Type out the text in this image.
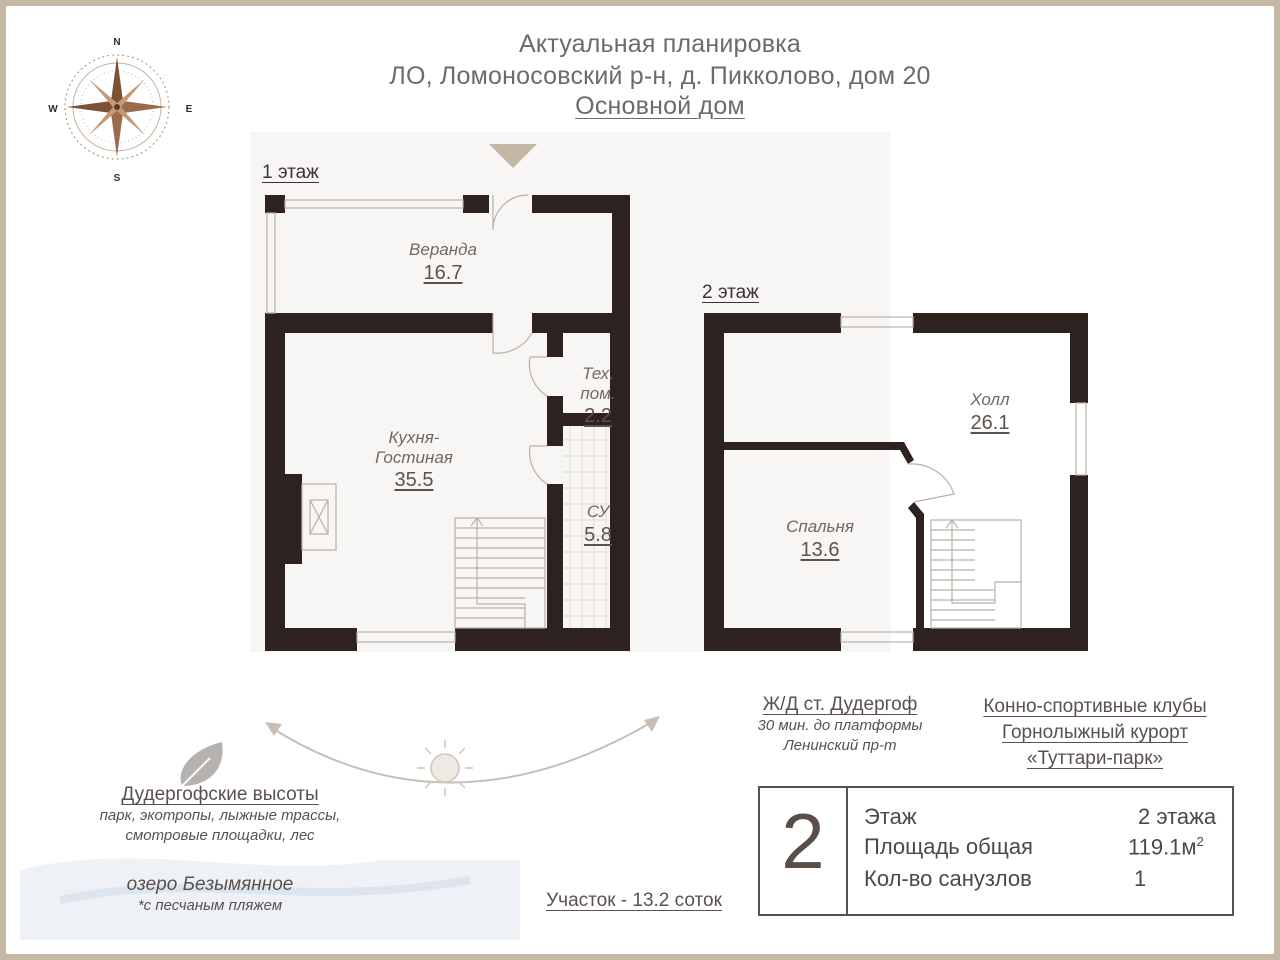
Актуальная планировка
ЛО, Ломоносовский р-н, д. Пикколово, дом 20
Основной дом
N
S
E
W
1 этаж
2 этаж
Веранда
16.7

Тех.
пом.

2.2

Кухня-
Гостиная

35.5

СУ
5.8
Холл
26.1
Спальня
13.6
Ж/Д ст. Дудергоф
30 мин. до платформы
Ленинский пр-т
Конно-спортивные клубы
Горнолыжный курорт
«Туттари-парк»
Дудергофские высоты
парк, экотропы, лыжные трассы,
смотровые площадки, лес
озеро Безымянное
*с песчаным пляжем	Участок - 13.2 соток
2	Этаж	2 этажа
Площадь общая	$119.1м^2$
Кол-во санузлов	1
